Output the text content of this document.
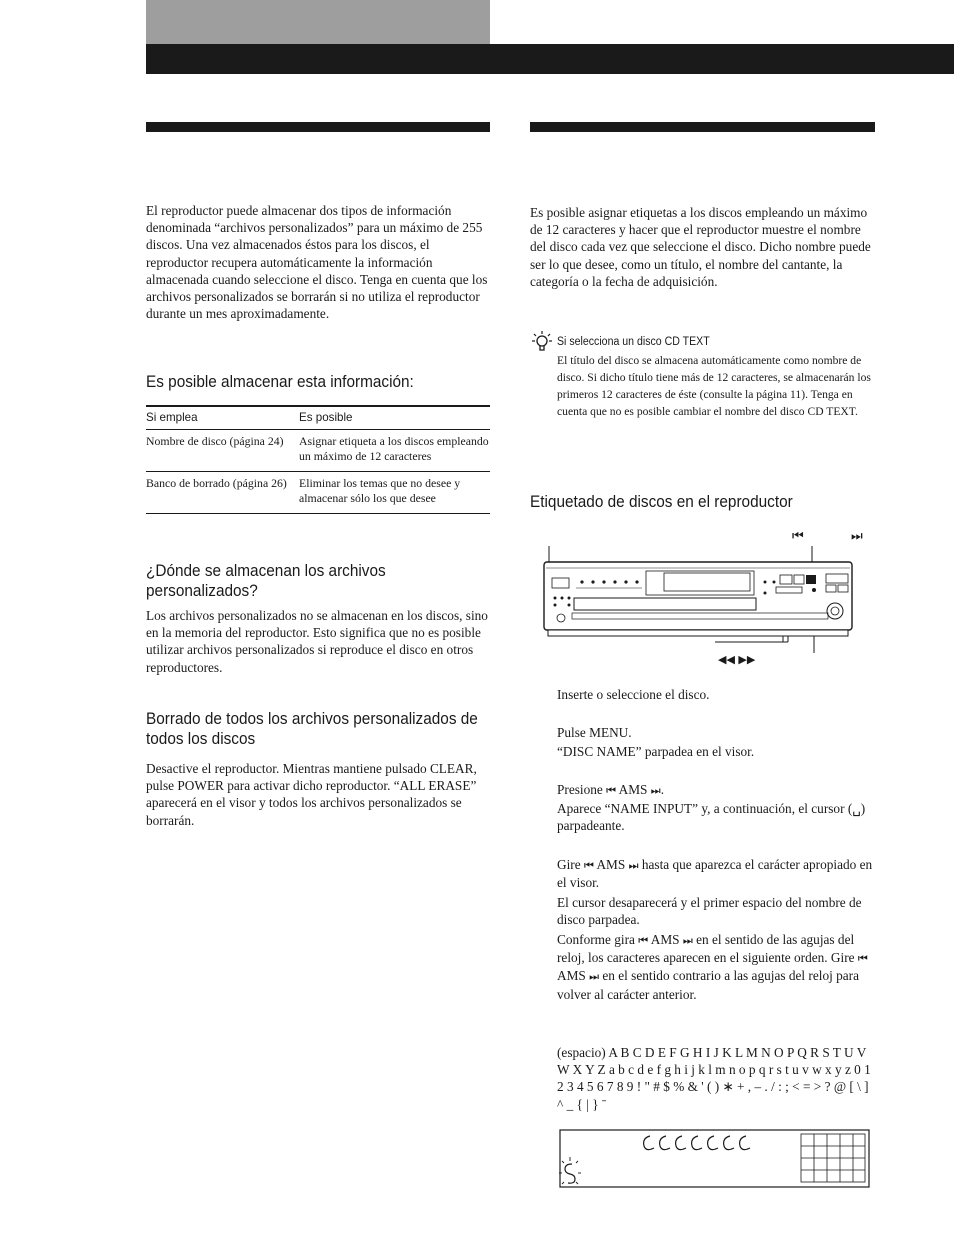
El reproductor puede almacenar dos tipos de información denominada “archivos personalizados” para un máximo de 255 discos. Una vez almacenados éstos para los discos, el reproductor recupera automáticamente la información almacenada cuando seleccione el disco. Tenga en cuenta que los archivos personalizados se borrarán si no utiliza el reproductor durante un mes aproximadamente.

Es posible almacenar esta información:
Si emplea	Es posible
Nombre de disco (página 24)	Asignar etiqueta a los discos empleando un máximo de 12 caracteres
Banco de borrado (página 26)	Eliminar los temas que no desee y almacenar sólo los que desee
¿Dónde se almacenan los archivos personalizados?

Los archivos personalizados no se almacenan en los discos, sino en la memoria del reproductor. Esto significa que no es posible utilizar archivos personalizados si reproduce el disco en otros reproductores.

Borrado de todos los archivos personalizados de todos los discos

Desactive el reproductor. Mientras mantiene pulsado CLEAR, pulse POWER para activar dicho reproductor. “ALL ERASE” aparecerá en el visor y todos los archivos personalizados se borrarán.

Es posible asignar etiquetas a los discos empleando un máximo de 12 caracteres y hacer que el reproductor muestre el nombre del disco cada vez que seleccione el disco. Dicho nombre puede ser lo que desee, como un título, el nombre del cantante, la categoría o la fecha de adquisición.

Si selecciona un disco CD TEXT

El título del disco se almacena automáticamente como nombre de disco. Si dicho título tiene más de 12 caracteres, se almacenarán los primeros 12 caracteres de éste (consulte la página 11). Tenga en cuenta que no es posible cambiar el nombre del disco CD TEXT.

Etiquetado de discos en el reproductor
⏮	⏭
◀◀ ▶▶

Inserte o seleccione el disco.

Pulse MENU.

“DISC NAME” parpadea en el visor.

Presione ⏮ AMS ⏭.

Aparece “NAME INPUT” y, a continuación, el cursor (␣) parpadeante.

Gire ⏮ AMS ⏭ hasta que aparezca el carácter apropiado en el visor.

El cursor desaparecerá y el primer espacio del nombre de disco parpadea.

Conforme gira ⏮ AMS ⏭ en el sentido de las agujas del reloj, los caracteres aparecen en el siguiente orden. Gire ⏮ AMS ⏭ en el sentido contrario a las agujas del reloj para volver al carácter anterior.

(espacio) A B C D E F G H I J K L M N O P Q R S T U V W X Y Z a b c d e f g h i j k l m n o p q r s t u v w x y z 0 1 2 3 4 5 6 7 8 9 ! " # $ % & ' ( ) ∗ + , – . / : ; < = > ? @ [ \ ] ^ _ { | } ˉ
